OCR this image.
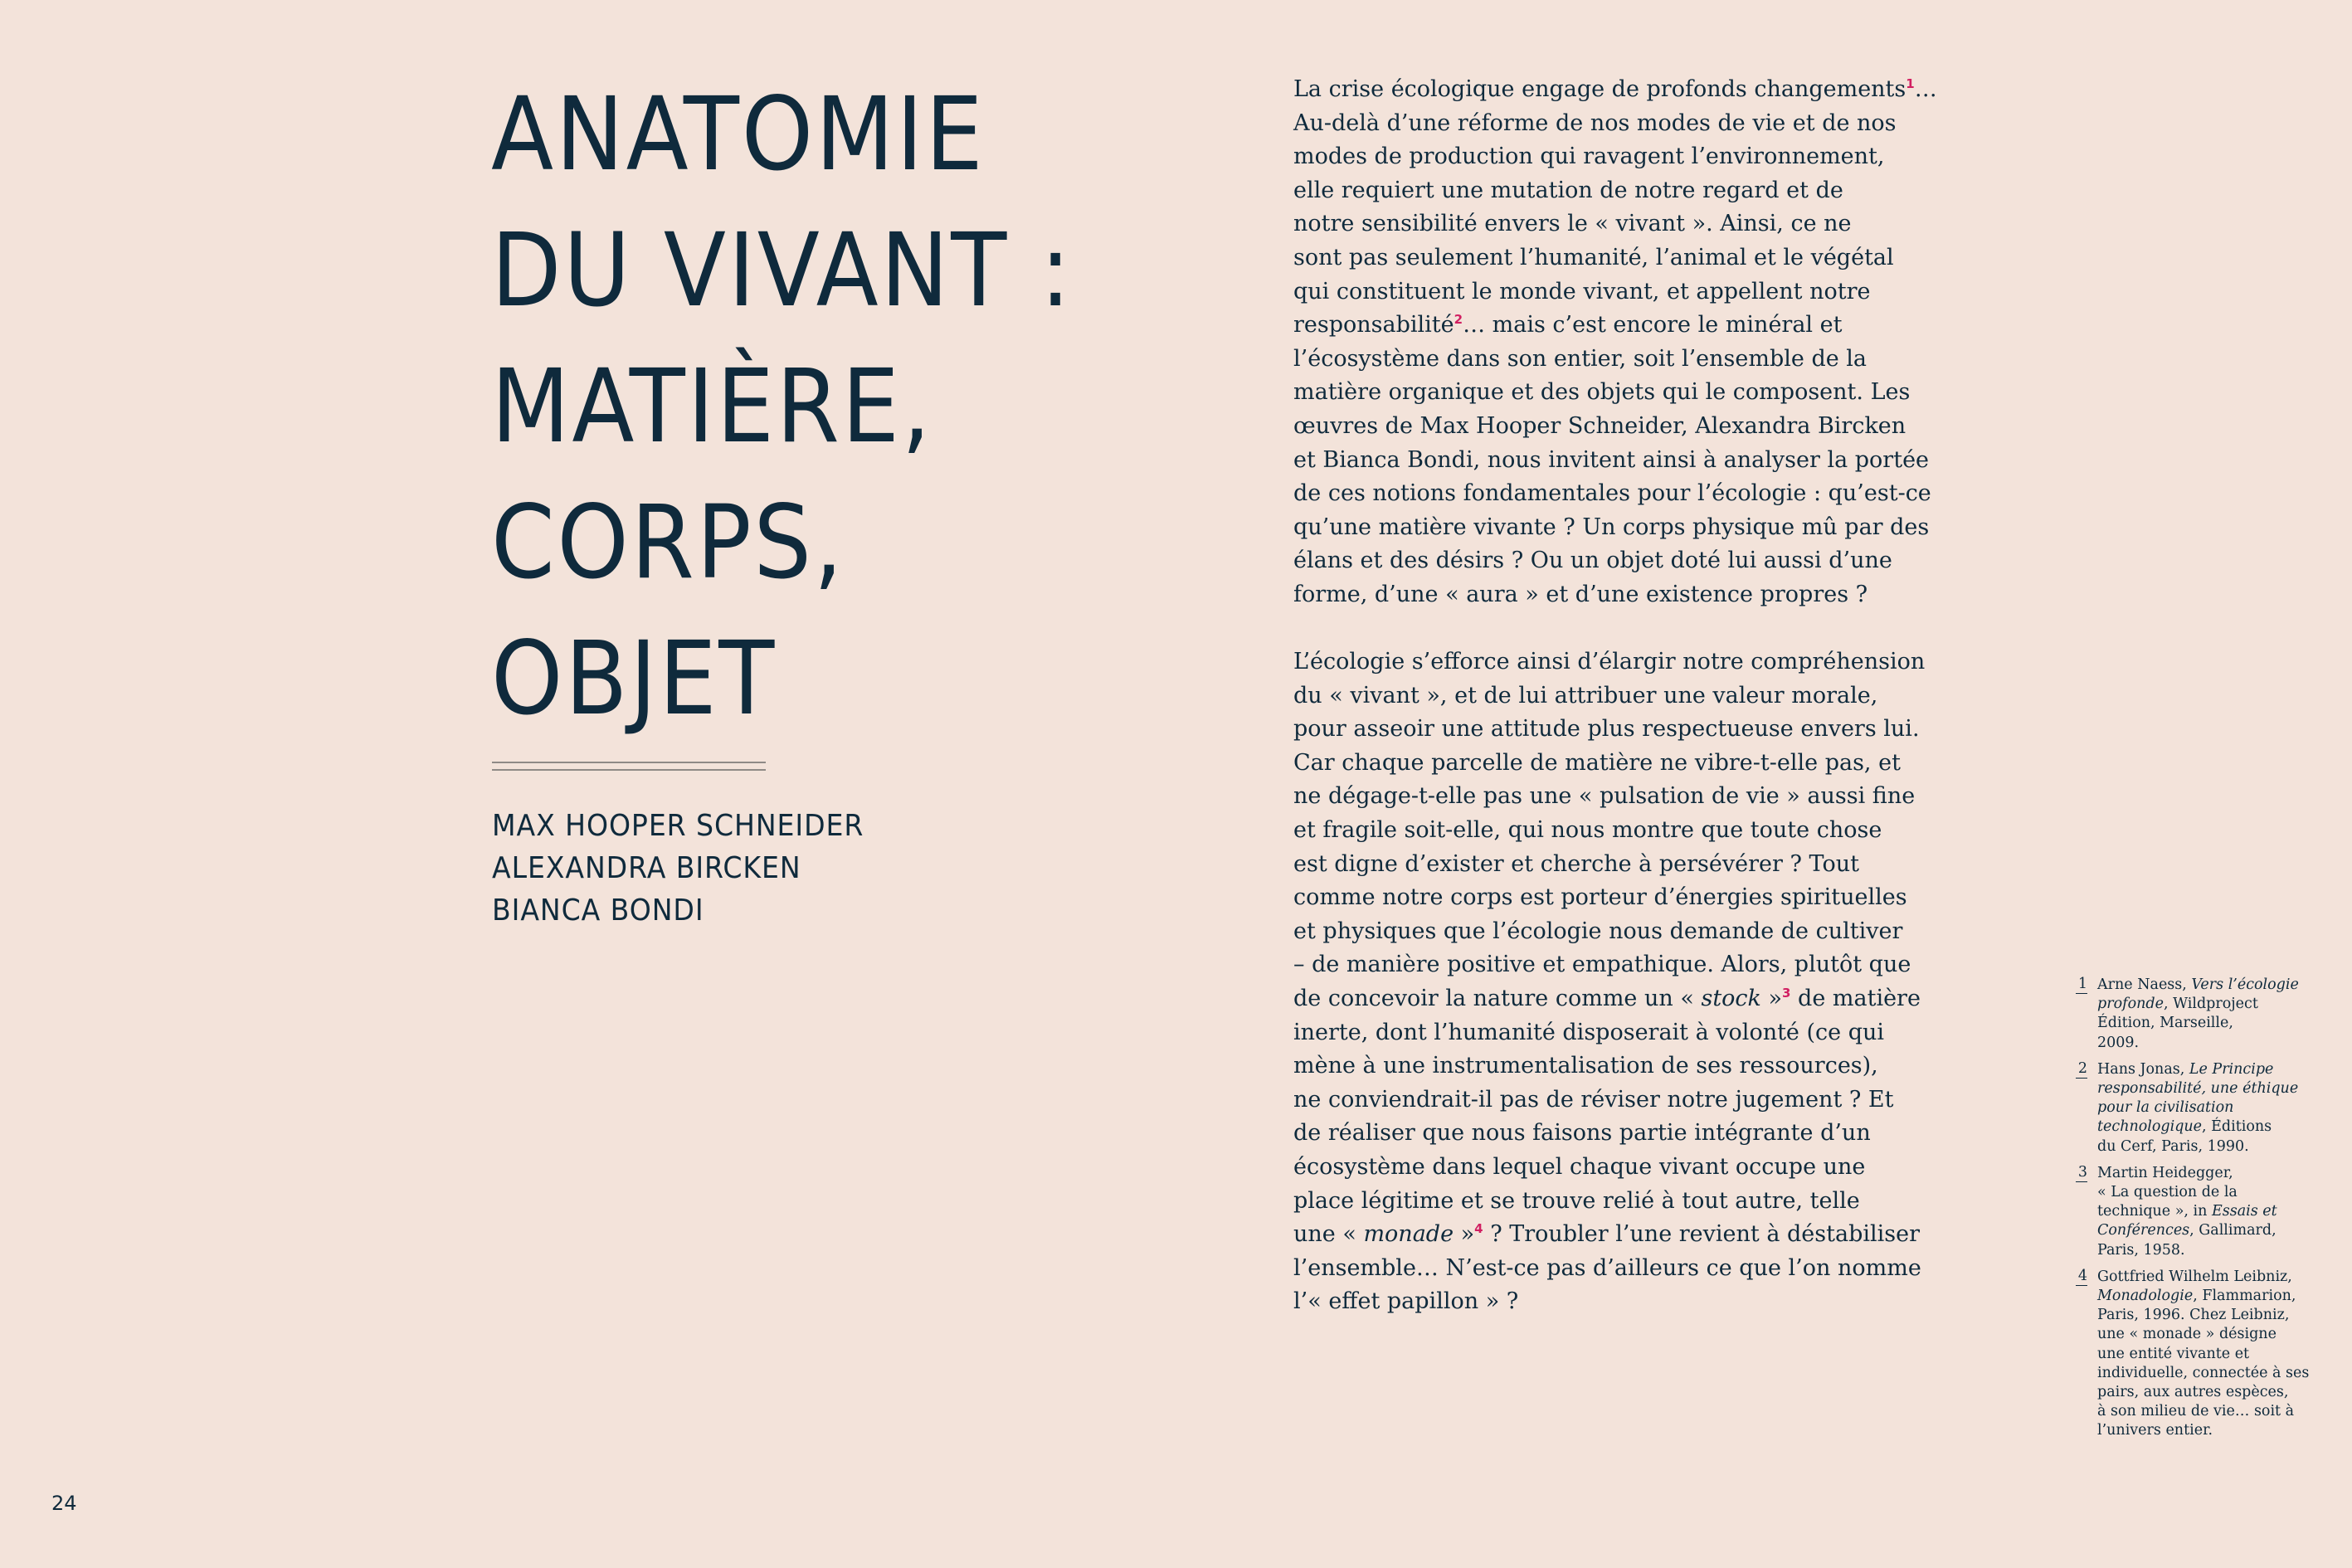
ANATOMIE
DU VIVANT :
MATIÈRE,
CORPS,
OBJET
MAX HOOPER SCHNEIDER
ALEXANDRA BIRCKEN
BIANCA BONDI
La crise écologique engage de profonds changements$^1$…
Au-delà d’une réforme de nos modes de vie et de nos
modes de production qui ravagent l’environnement,
elle requiert une mutation de notre regard et de
notre sensibilité envers le « vivant ». Ainsi, ce ne
sont pas seulement l’humanité, l’animal et le végétal
qui constituent le monde vivant, et appellent notre
responsabilité$^2$… mais c’est encore le minéral et
l’écosystème dans son entier, soit l’ensemble de la
matière organique et des objets qui le composent. Les
œuvres de Max Hooper Schneider, Alexandra Bircken
et Bianca Bondi, nous invitent ainsi à analyser la portée
de ces notions fondamentales pour l’écologie : qu’est-ce
qu’une matière vivante ? Un corps physique mû par des
élans et des désirs ? Ou un objet doté lui aussi d’une
forme, d’une « aura » et d’une existence propres ?
L’écologie s’efforce ainsi d’élargir notre compréhension
du « vivant », et de lui attribuer une valeur morale,
pour asseoir une attitude plus respectueuse envers lui.
Car chaque parcelle de matière ne vibre-t-elle pas, et
ne dégage-t-elle pas une « pulsation de vie » aussi fine
et fragile soit-elle, qui nous montre que toute chose
est digne d’exister et cherche à persévérer ? Tout
comme notre corps est porteur d’énergies spirituelles
et physiques que l’écologie nous demande de cultiver
– de manière positive et empathique. Alors, plutôt que
de concevoir la nature comme un « stock »$^3$ de matière
inerte, dont l’humanité disposerait à volonté (ce qui
mène à une instrumentalisation de ses ressources),
ne conviendrait-il pas de réviser notre jugement ? Et
de réaliser que nous faisons partie intégrante d’un
écosystème dans lequel chaque vivant occupe une
place légitime et se trouve relié à tout autre, telle
une « monade »$^4$ ? Troubler l’une revient à déstabiliser
l’ensemble… N’est-ce pas d’ailleurs ce que l’on nomme
l’« effet papillon » ?
1 Arne Naess, Vers l’écologie
profonde, Wildproject
Édition, Marseille,
2009.
2 Hans Jonas, Le Principe
responsabilité, une éthique
pour la civilisation
technologique, Éditions
du Cerf, Paris, 1990.
3 Martin Heidegger,
« La question de la
technique », in Essais et
Conférences, Gallimard,
Paris, 1958.
4 Gottfried Wilhelm Leibniz,
Monadologie, Flammarion,
Paris, 1996. Chez Leibniz,
une « monade » désigne
une entité vivante et
individuelle, connectée à ses
pairs, aux autres espèces,
à son milieu de vie… soit à
l’univers entier.
24
